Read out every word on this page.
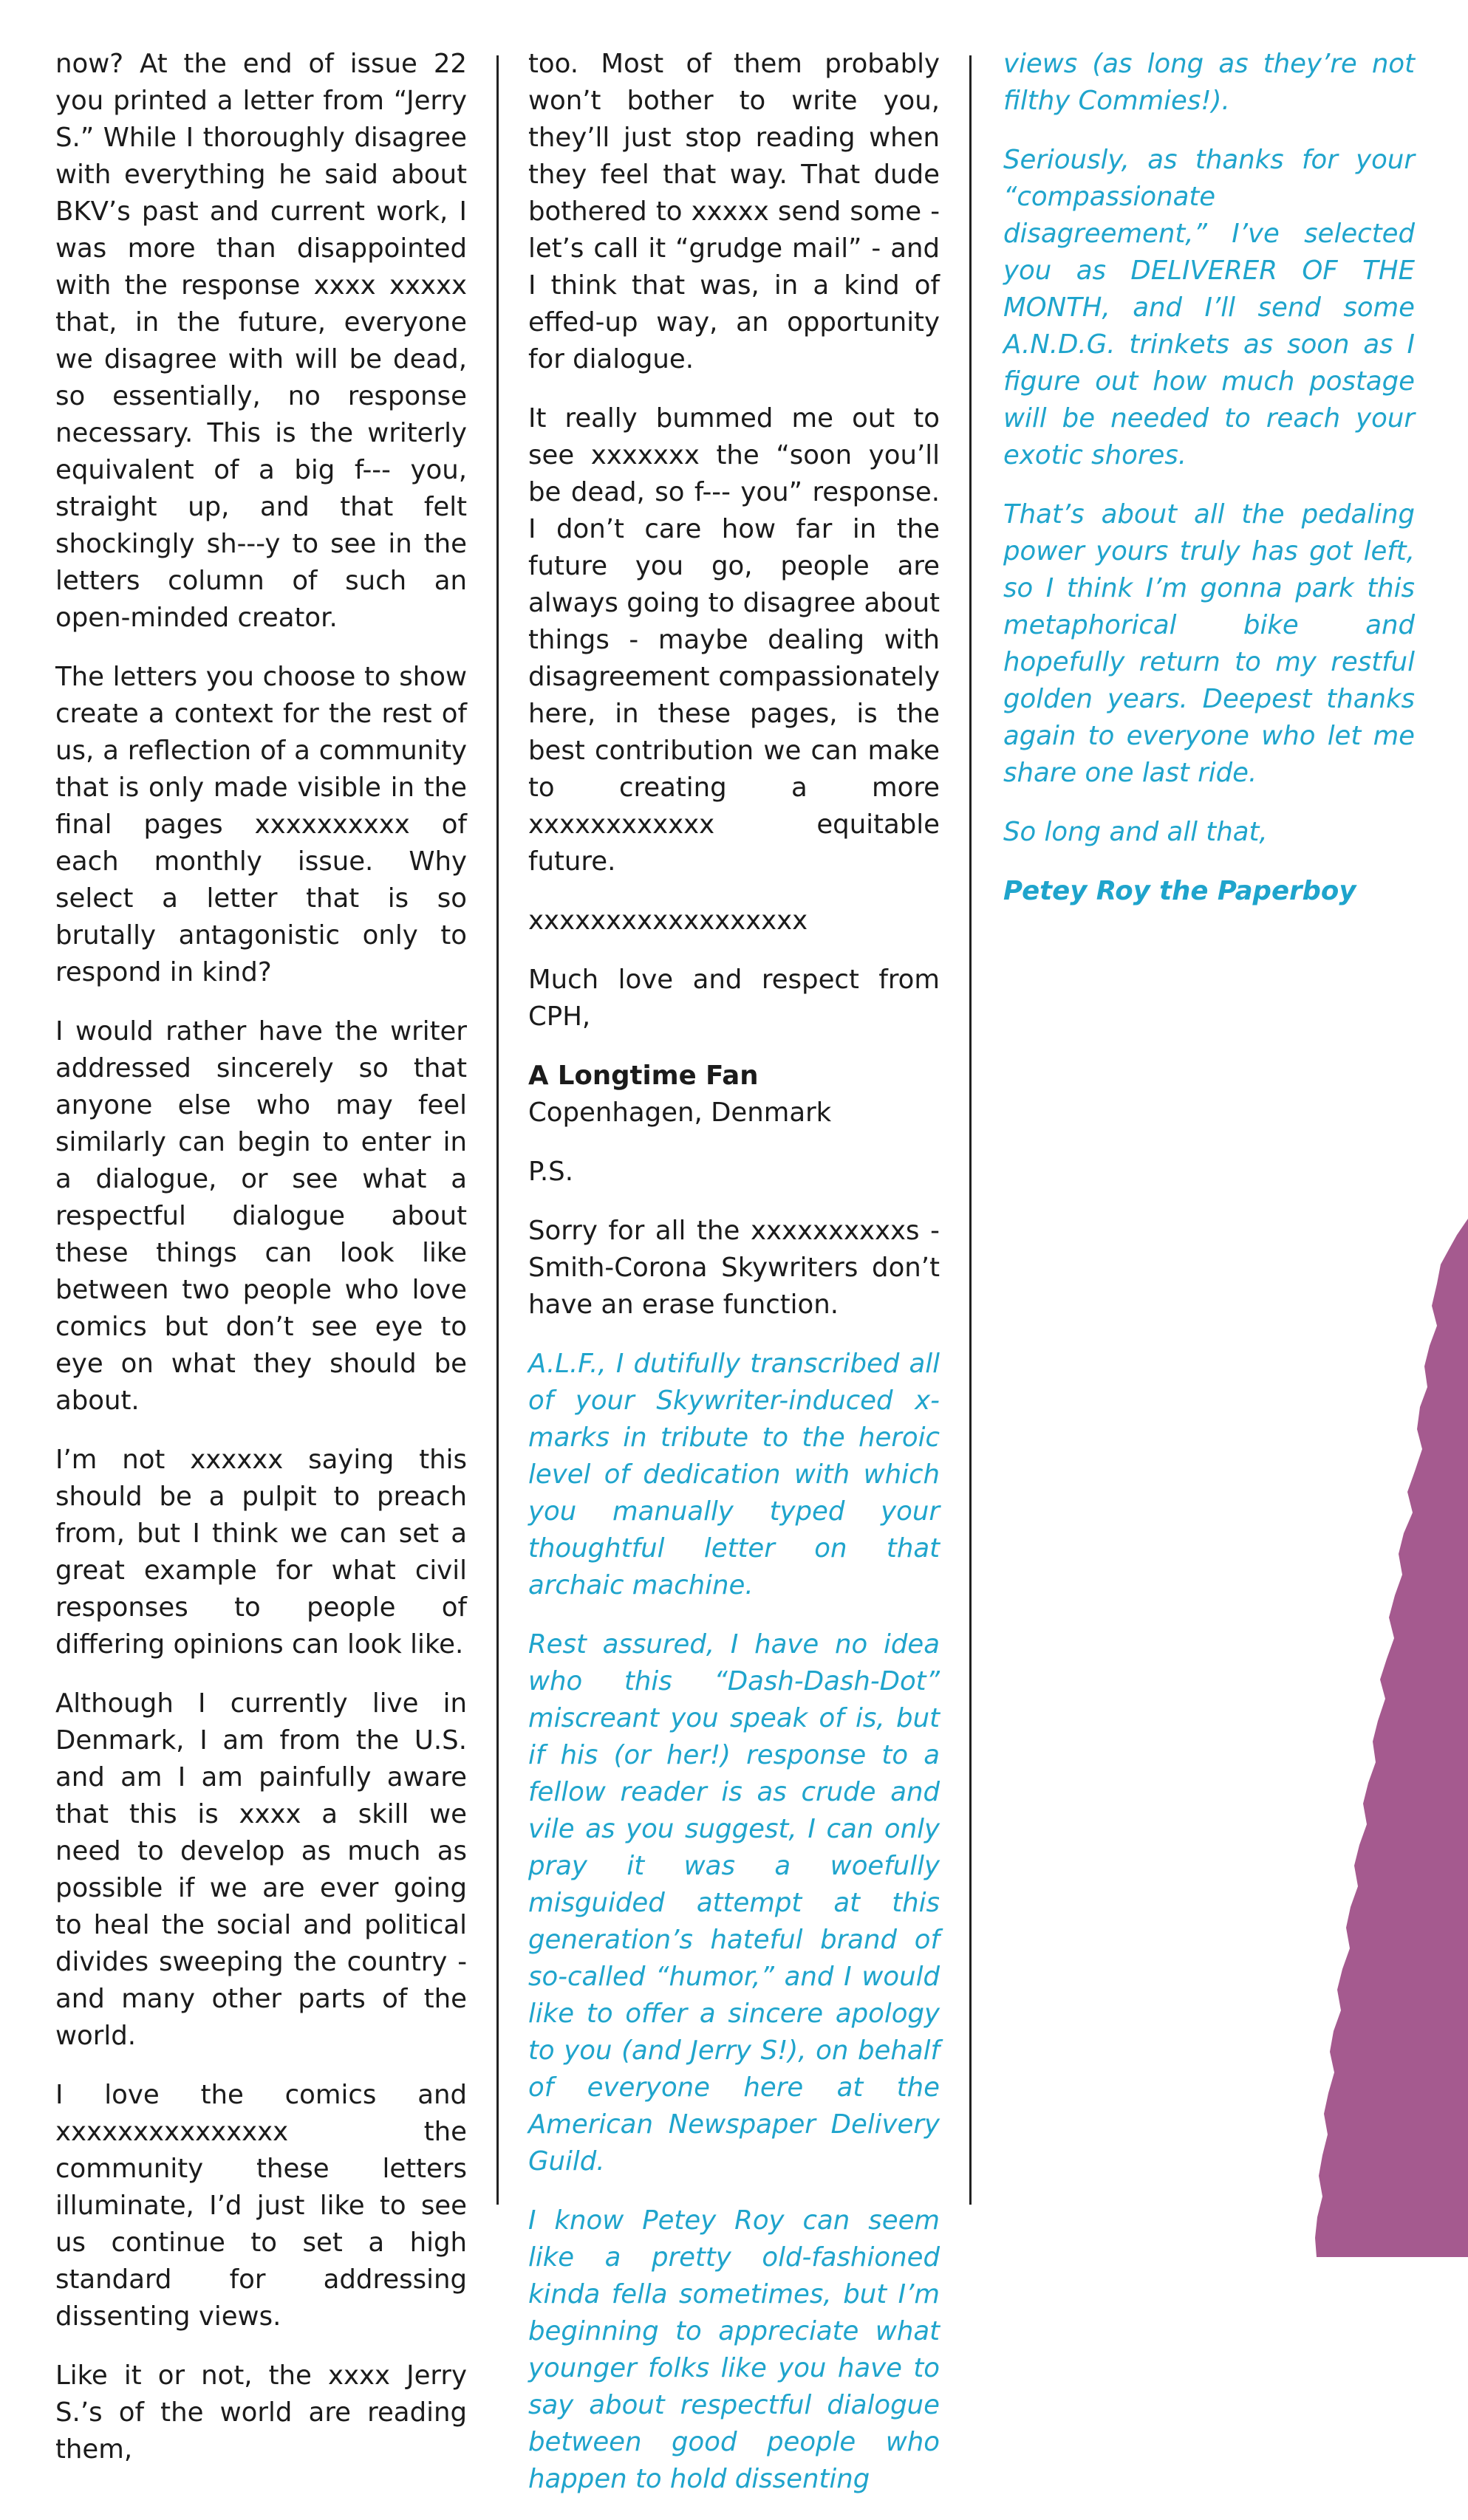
now? At the end of issue 22 you printed a letter from “Jerry S.” While I thoroughly disagree with everything he said about BKV’s past and current work, I was more than disappointed with the response xxxx xxxxx that, in the future, everyone we disagree with will be dead, so essentially, no response necessary. This is the writerly equivalent of a big f--- you, straight up, and that felt shockingly sh---y to see in the letters column of such an open-minded creator.

The letters you choose to show create a context for the rest of us, a reflection of a community that is only made visible in the final pages xxxxxxxxxx of each monthly issue. Why select a letter that is so brutally antagonistic only to respond in kind?

I would rather have the writer addressed sincerely so that anyone else who may feel similarly can begin to enter in a dialogue, or see what a respectful dialogue about these things can look like between two people who love comics but don’t see eye to eye on what they should be about.

I’m not xxxxxx saying this should be a pulpit to preach from, but I think we can set a great example for what civil responses to people of differing opinions can look like.

Although I currently live in Denmark, I am from the U.S. and am I am painfully aware that this is xxxx a skill we need to develop as much as possible if we are ever going to heal the social and political divides sweeping the country - and many other parts of the world.

I love the comics and xxxxxxxxxxxxxxx the community these letters illuminate, I’d just like to see us continue to set a high standard for addressing dissenting views.

Like it or not, the xxxx Jerry S.’s of the world are reading them,

too. Most of them probably won’t bother to write you, they’ll just stop reading when they feel that way. That dude bothered to xxxxx send some - let’s call it “grudge mail” - and I think that was, in a kind of effed-up way, an opportunity for dialogue.

It really bummed me out to see xxxxxxx the “soon you’ll be dead, so f--- you” response. I don’t care how far in the future you go, people are always going to disagree about things - maybe dealing with disagreement compassionately here, in these pages, is the best contribution we can make to creating a more xxxxxxxxxxxx equitable future.

xxxxxxxxxxxxxxxxxx

Much love and respect from CPH,

A Longtime Fan

Copenhagen, Denmark

P.S.

Sorry for all the xxxxxxxxxxs - Smith-Corona Skywriters don’t have an erase function.

A.L.F., I dutifully transcribed all of your Skywriter-induced x-marks in tribute to the heroic level of dedication with which you manually typed your thoughtful letter on that archaic machine.

Rest assured, I have no idea who this “Dash-Dash-Dot” miscreant you speak of is, but if his (or her!) response to a fellow reader is as crude and vile as you suggest, I can only pray it was a woefully misguided attempt at this generation’s hateful brand of so-called “humor,” and I would like to offer a sincere apology to you (and Jerry S!), on behalf of everyone here at the American Newspaper Delivery Guild.

I know Petey Roy can seem like a pretty old-fashioned kinda fella sometimes, but I’m beginning to appreciate what younger folks like you have to say about respectful dialogue between good people who happen to hold dissenting

views (as long as they’re not filthy Commies!).

Seriously, as thanks for your “compassionate disagreement,” I’ve selected you as DELIVERER OF THE MONTH, and I’ll send some A.N.D.G. trinkets as soon as I figure out how much postage will be needed to reach your exotic shores.

That’s about all the pedaling power yours truly has got left, so I think I’m gonna park this metaphorical bike and hopefully return to my restful golden years. Deepest thanks again to everyone who let me share one last ride.

So long and all that,

Petey Roy the Paperboy
